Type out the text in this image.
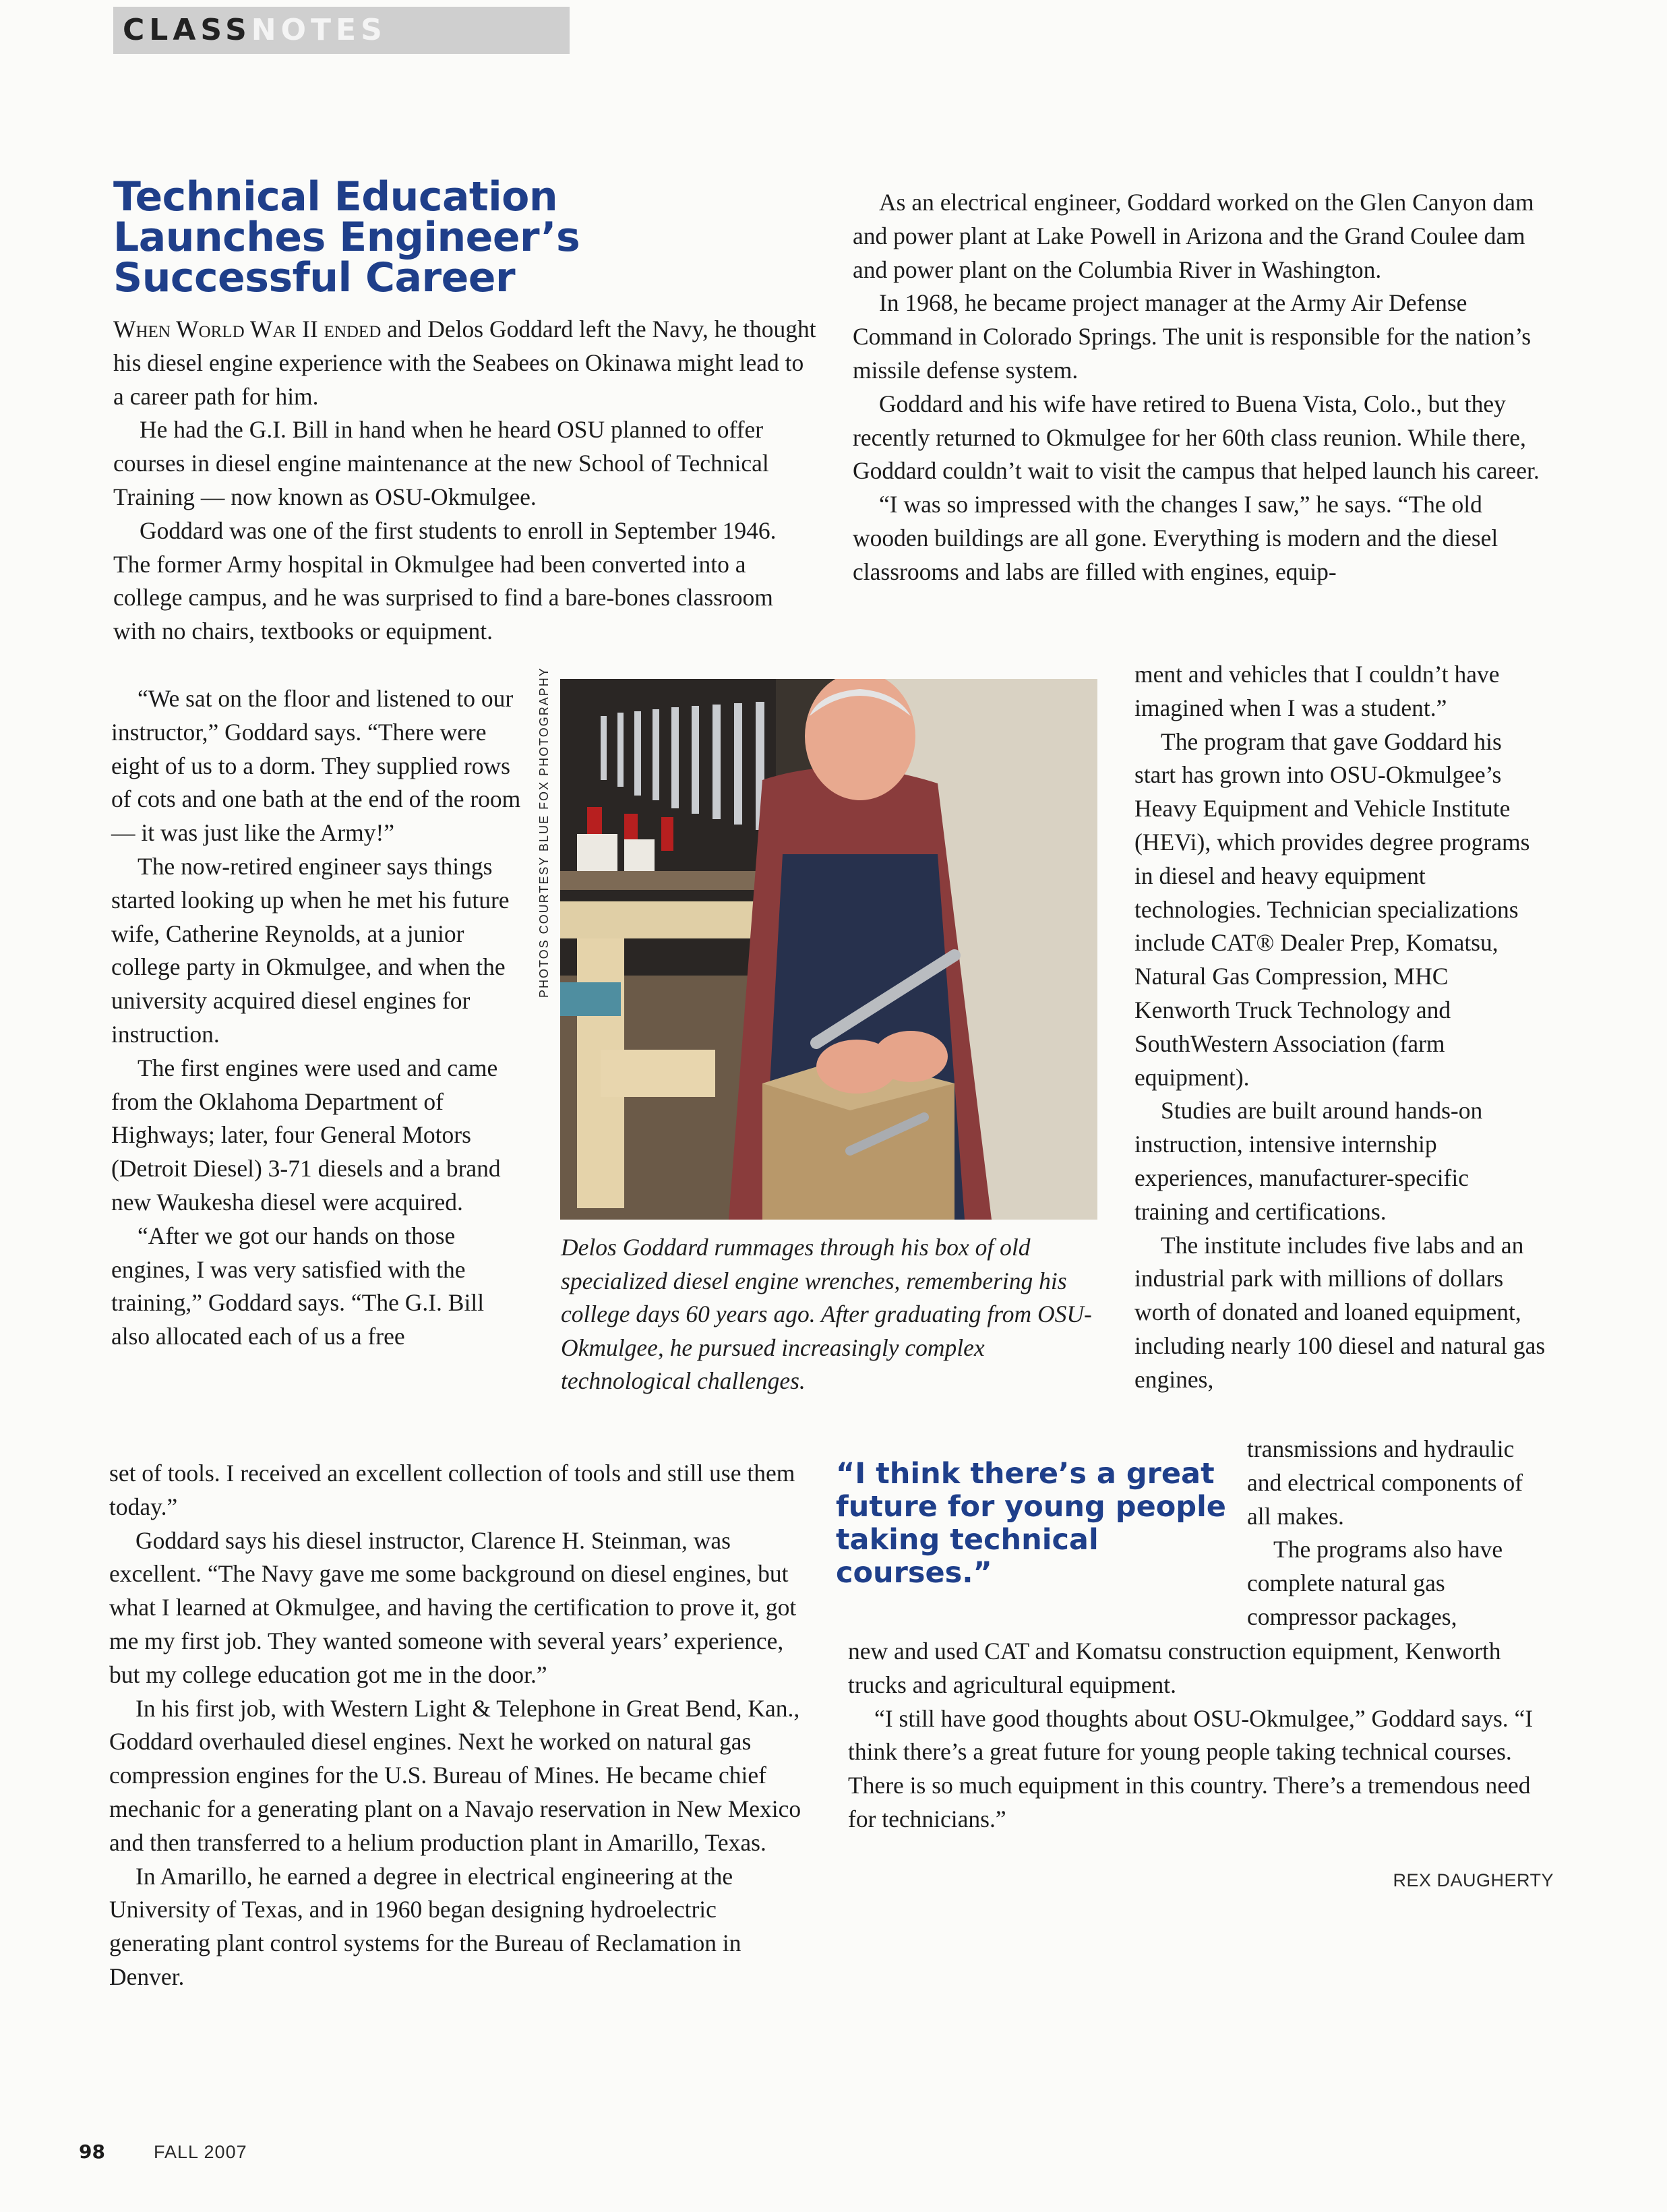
CLASSNOTES
Technical Education
Launches Engineer’s
Successful Career

When World War II ended and Delos Goddard left the Navy, he thought his diesel engine experience with the Seabees on Okinawa might lead to a career path for him.

He had the G.I. Bill in hand when he heard OSU planned to offer courses in diesel engine maintenance at the new School of Technical Training — now known as OSU-Okmulgee.

Goddard was one of the first students to enroll in September 1946. The former Army hospital in Okmulgee had been converted into a college campus, and he was surprised to find a bare-bones classroom with no chairs, textbooks or equipment.

“We sat on the floor and listened to our instructor,” Goddard says. “There were eight of us to a dorm. They supplied rows of cots and one bath at the end of the room — it was just like the Army!”

The now-retired engineer says things started looking up when he met his future wife, Catherine Reynolds, at a junior college party in Okmulgee, and when the university acquired diesel engines for instruction.

The first engines were used and came from the Oklahoma Department of Highways; later, four General Motors (Detroit Diesel) 3-71 diesels and a brand new Waukesha diesel were acquired.

“After we got our hands on those engines, I was very satisfied with the training,” Goddard says. “The G.I. Bill also allocated each of us a free

set of tools. I received an excellent collection of tools and still use them today.”

Goddard says his diesel instructor, Clarence H. Steinman, was excellent. “The Navy gave me some background on diesel engines, but what I learned at Okmulgee, and having the certification to prove it, got me my first job. They wanted someone with several years’ experience, but my college education got me in the door.”

In his first job, with Western Light & Telephone in Great Bend, Kan., Goddard overhauled diesel engines. Next he worked on natural gas compression engines for the U.S. Bureau of Mines. He became chief mechanic for a generating plant on a Navajo reservation in New Mexico and then transferred to a helium production plant in Amarillo, Texas.

In Amarillo, he earned a degree in electrical engineering at the University of Texas, and in 1960 began designing hydroelectric generating plant control systems for the Bureau of Reclamation in Denver.

As an electrical engineer, Goddard worked on the Glen Canyon dam and power plant at Lake Powell in Arizona and the Grand Coulee dam and power plant on the Columbia River in Washington.

In 1968, he became project manager at the Army Air Defense Command in Colorado Springs. The unit is responsible for the nation’s missile defense system.

Goddard and his wife have retired to Buena Vista, Colo., but they recently returned to Okmulgee for her 60th class reunion. While there, Goddard couldn’t wait to visit the campus that helped launch his career.

“I was so impressed with the changes I saw,” he says. “The old wooden buildings are all gone. Everything is modern and the diesel classrooms and labs are filled with engines, equip-

ment and vehicles that I couldn’t have imagined when I was a student.”

The program that gave Goddard his start has grown into OSU-Okmulgee’s Heavy Equipment and Vehicle Institute (HEVi), which provides degree programs in diesel and heavy equipment technologies. Technician specializations include CAT® Dealer Prep, Komatsu, Natural Gas Compression, MHC Kenworth Truck Technology and SouthWestern Association (farm equipment).

Studies are built around hands-on instruction, intensive internship experiences, manufacturer-specific training and certifications.

The institute includes five labs and an industrial park with millions of dollars worth of donated and loaned equipment, including nearly 100 diesel and natural gas engines,

transmissions and hydraulic and electrical components of all makes.

The programs also have complete natural gas compressor packages,

new and used CAT and Komatsu construction equipment, Kenworth trucks and agricultural equipment.

“I still have good thoughts about OSU-Okmulgee,” Goddard says. “I think there’s a great future for young people taking technical courses. There is so much equipment in this country. There’s a tremendous need for technicians.”

PHOTOS COURTESY BLUE FOX PHOTOGRAPHY
Delos Goddard rummages through his box of old specialized diesel engine wrenches, remembering his college days 60 years ago. After graduating from OSU-Okmulgee, he pursued increasingly complex technological challenges.
“I think there’s a great future for young people taking technical courses.”
REX DAUGHERTY
98	FALL 2007
